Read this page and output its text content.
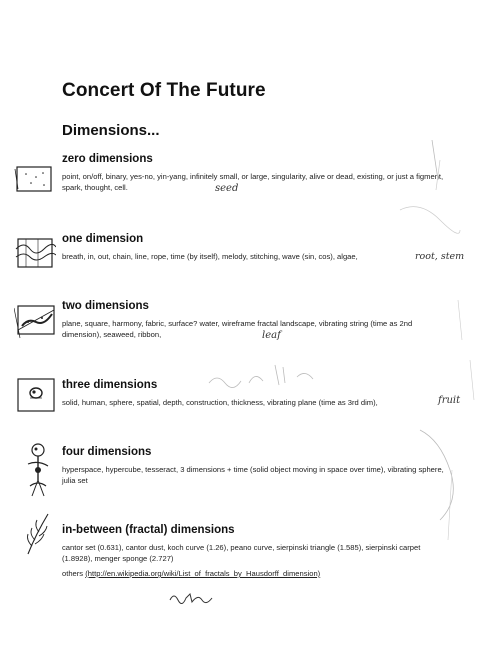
Concert Of The Future
Dimensions...
zero dimensions

point, on/off, binary, yes-no, yin-yang, infinitely small, or large, singularity, alive or dead, existing, or just a figment, spark, thought, cell.	seed
one dimension

breath, in, out, chain, line, rope, time (by itself), melody, stitching, wave (sin, cos), algae,	root, stem
two dimensions

plane, square, harmony, fabric, surface? water, wireframe fractal landscape, vibrating string (time as 2nd dimension), seaweed, ribbon,	leaf
three dimensions

solid, human, sphere, spatial, depth, construction, thickness, vibrating plane (time as 3rd dim),	fruit
four dimensions

hyperspace, hypercube, tesseract, 3 dimensions + time (solid object moving in space over time), vibrating sphere, julia set

in-between (fractal) dimensions

cantor set (0.631), cantor dust, koch curve (1.26), peano curve, sierpinski triangle (1.585), sierpinski carpet (1.8928), menger sponge (2.727)

others (http://en.wikipedia.org/wiki/List_of_fractals_by_Hausdorff_dimension)
